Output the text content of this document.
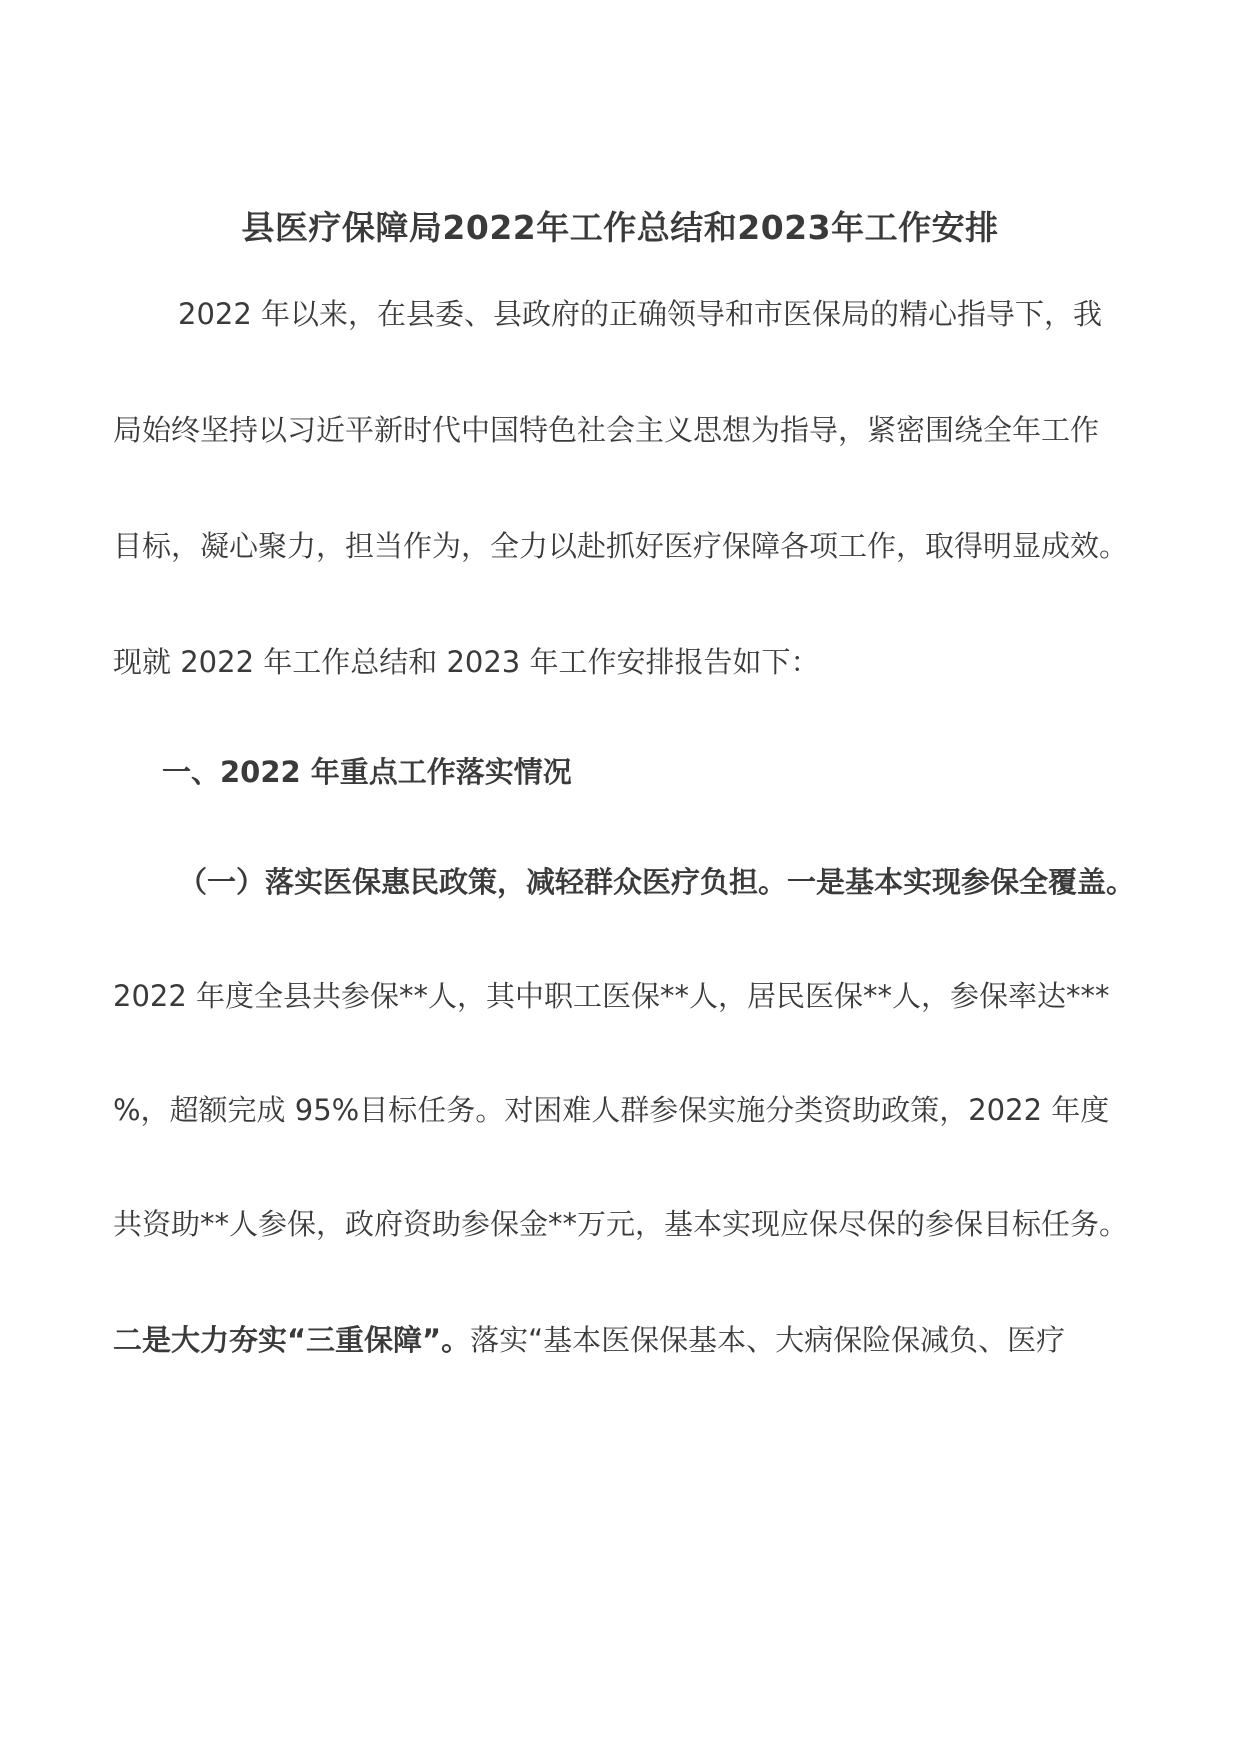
县医疗保障局2022年工作总结和2023年工作安排
2022 年以来，在县委、县政府的正确领导和市医保局的精心指导下，我
局始终坚持以习近平新时代中国特色社会主义思想为指导，紧密围绕全年工作
目标，凝心聚力，担当作为，全力以赴抓好医疗保障各项工作，取得明显成效。
现就 2022 年工作总结和 2023 年工作安排报告如下：
一、2022 年重点工作落实情况
（一）落实医保惠民政策，减轻群众医疗负担。一是基本实现参保全覆盖。
2022 年度全县共参保**人，其中职工医保**人，居民医保**人，参保率达***
%，超额完成 95%目标任务。对困难人群参保实施分类资助政策，2022 年度
共资助**人参保，政府资助参保金**万元，基本实现应保尽保的参保目标任务。
二是大力夯实“三重保障”。落实“基本医保保基本、大病保险保减负、医疗
